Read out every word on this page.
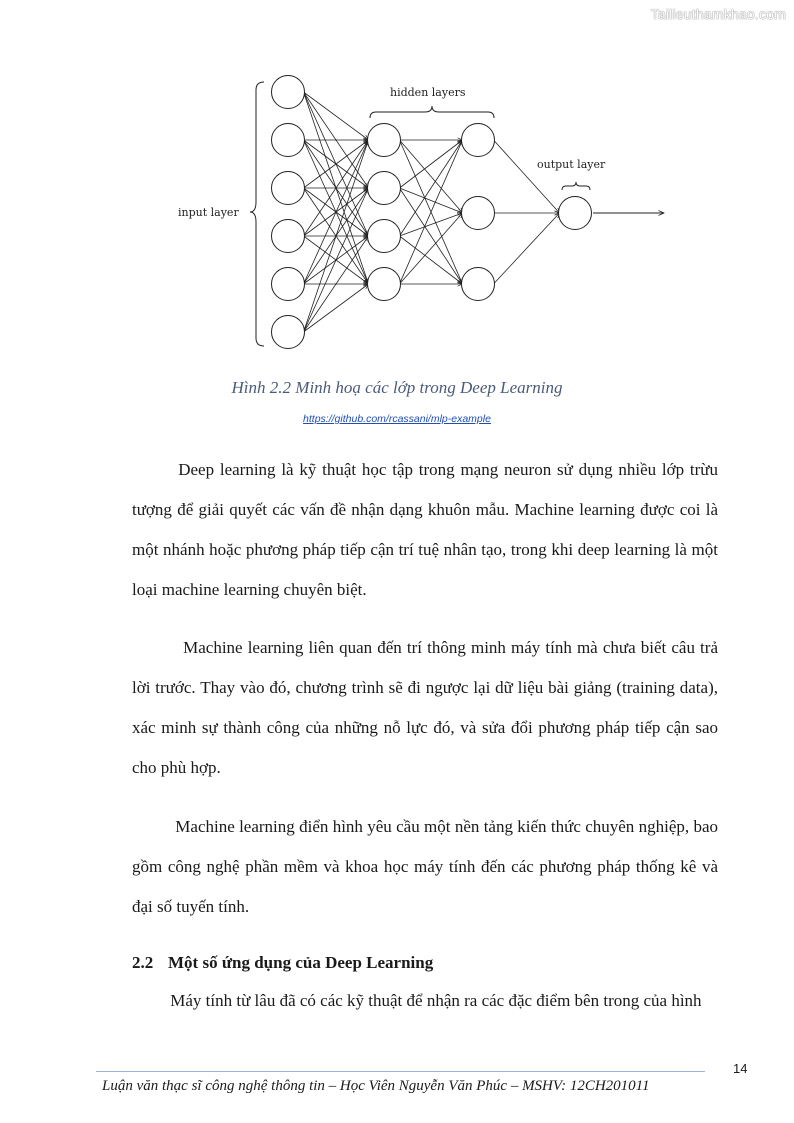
Tailieuthamkhao.com
input layer
hidden layers
output layer
Hình 2.2 Minh hoạ các lớp trong Deep Learning
https://github.com/rcassani/mlp-example

Deep learning là kỹ thuật học tập trong mạng neuron sử dụng nhiều lớp trừu tượng để giải quyết các vấn đề nhận dạng khuôn mẫu. Machine learning được coi là một nhánh hoặc phương pháp tiếp cận trí tuệ nhân tạo, trong khi deep learning là một loại machine learning chuyên biệt.

Machine learning liên quan đến trí thông minh máy tính mà chưa biết câu trả lời trước. Thay vào đó, chương trình sẽ đi ngược lại dữ liệu bài giảng (training data), xác minh sự thành công của những nỗ lực đó, và sửa đổi phương pháp tiếp cận sao cho phù hợp.

Machine learning điển hình yêu cầu một nền tảng kiến thức chuyên nghiệp, bao gồm công nghệ phần mềm và khoa học máy tính đến các phương pháp thống kê và đại số tuyến tính.

2.2 Một số ứng dụng của Deep Learning

Máy tính từ lâu đã có các kỹ thuật để nhận ra các đặc điểm bên trong của hình

14
Luận văn thạc sĩ công nghệ thông tin – Học Viên Nguyễn Văn Phúc – MSHV: 12CH201011
